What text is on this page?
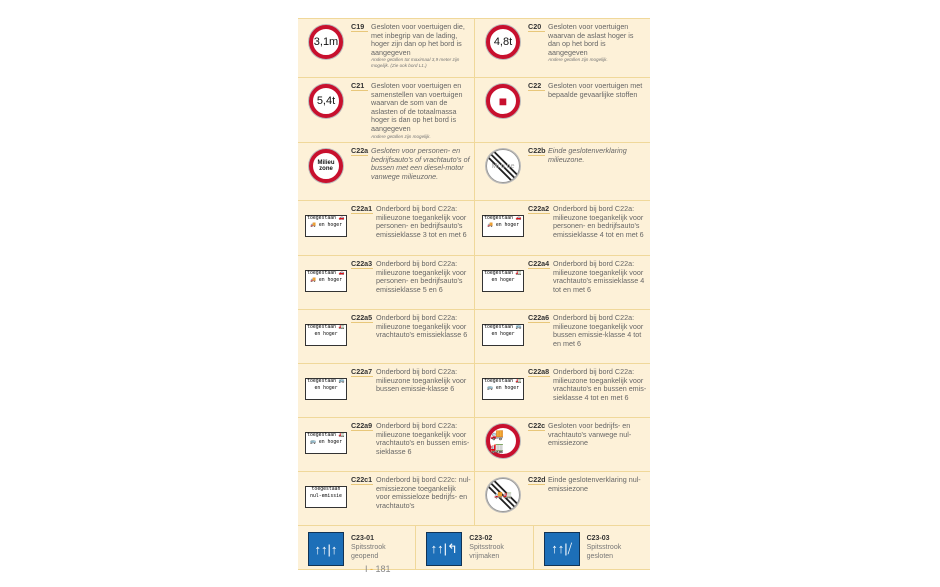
3,1m
C19 Gesloten voor voertuigen die, met inbegrip van de lading, hoger zijn dan op het bord is aangegeven
Andere getallen tot maximaal 3,9 meter zijn mogelijk. (Zie ook bord L1.)
4,8t
C20 Gesloten voor voertuigen waarvan de aslast hoger is dan op het bord is aangegeven
Andere getallen zijn mogelijk.
5,4t
C21 Gesloten voor voertuigen en samenstellen van voertuigen waarvan de som van de aslasten of de totaalmassa hoger is dan op het bord is aangegeven
Andere getallen zijn mogelijk.
■
C22 Gesloten voor voertuigen met bepaalde gevaarlijke stoffen
Milieu zone
C22a Gesloten voor personen- en bedrijfsauto's of vrachtauto's of bussen met een diesel-motor vanwege milieuzone.
Mi u ne
C22b Einde geslotenverklaring milieuzone.
toegestaan 🚗🚚 en hoger
C22a1 Onderbord bij bord C22a: milieuzone toegankelijk voor personen- en bedrijfsauto's emissieklasse 3 tot en met 6
toegestaan 🚗🚚 en hoger
C22a2 Onderbord bij bord C22a: milieuzone toegankelijk voor personen- en bedrijfsauto's emissieklasse 4 tot en met 6
toegestaan 🚗🚚 en hoger
C22a3 Onderbord bij bord C22a: milieuzone toegankelijk voor personen- en bedrijfsauto's emissieklasse 5 en 6
toegestaan 🚛 en hoger
C22a4 Onderbord bij bord C22a: milieuzone toegankelijk voor vrachtauto's emissieklasse 4 tot en met 6
toegestaan 🚛 en hoger
C22a5 Onderbord bij bord C22a: milieuzone toegankelijk voor vrachtauto's emissieklasse 6
toegestaan 🚌 en hoger
C22a6 Onderbord bij bord C22a: milieuzone toegankelijk voor bussen emissie-klasse 4 tot en met 6
toegestaan 🚌 en hoger
C22a7 Onderbord bij bord C22a: milieuzone toegankelijk voor bussen emissie-klasse 6
toegestaan 🚛🚌 en hoger
C22a8 Onderbord bij bord C22a: milieuzone toegankelijk voor vrachtauto's en bussen emis-sieklasse 4 tot en met 6
toegestaan 🚛🚌 en hoger
C22a9 Onderbord bij bord C22a: milieuzone toegankelijk voor vrachtauto's en bussen emis-sieklasse 6
🚚🚛
C22c Gesloten voor bedrijfs- en vrachtauto's vanwege nul-emissiezone
toegestaan nul-emissie
C22c1 Onderbord bij bord C22c: nul-emissiezone toegankelijk voor emissieloze bedrijfs- en vrachtauto's
🚚🚛
C22d Einde geslotenverklaring nul-emissiezone
↑↑|↑
C23-01
Spitsstrook geopend
↑↑|↰
C23-02
Spitsstrook vrijmaken
↑↑|⧸
C23-03
Spitsstrook gesloten
I - 181
